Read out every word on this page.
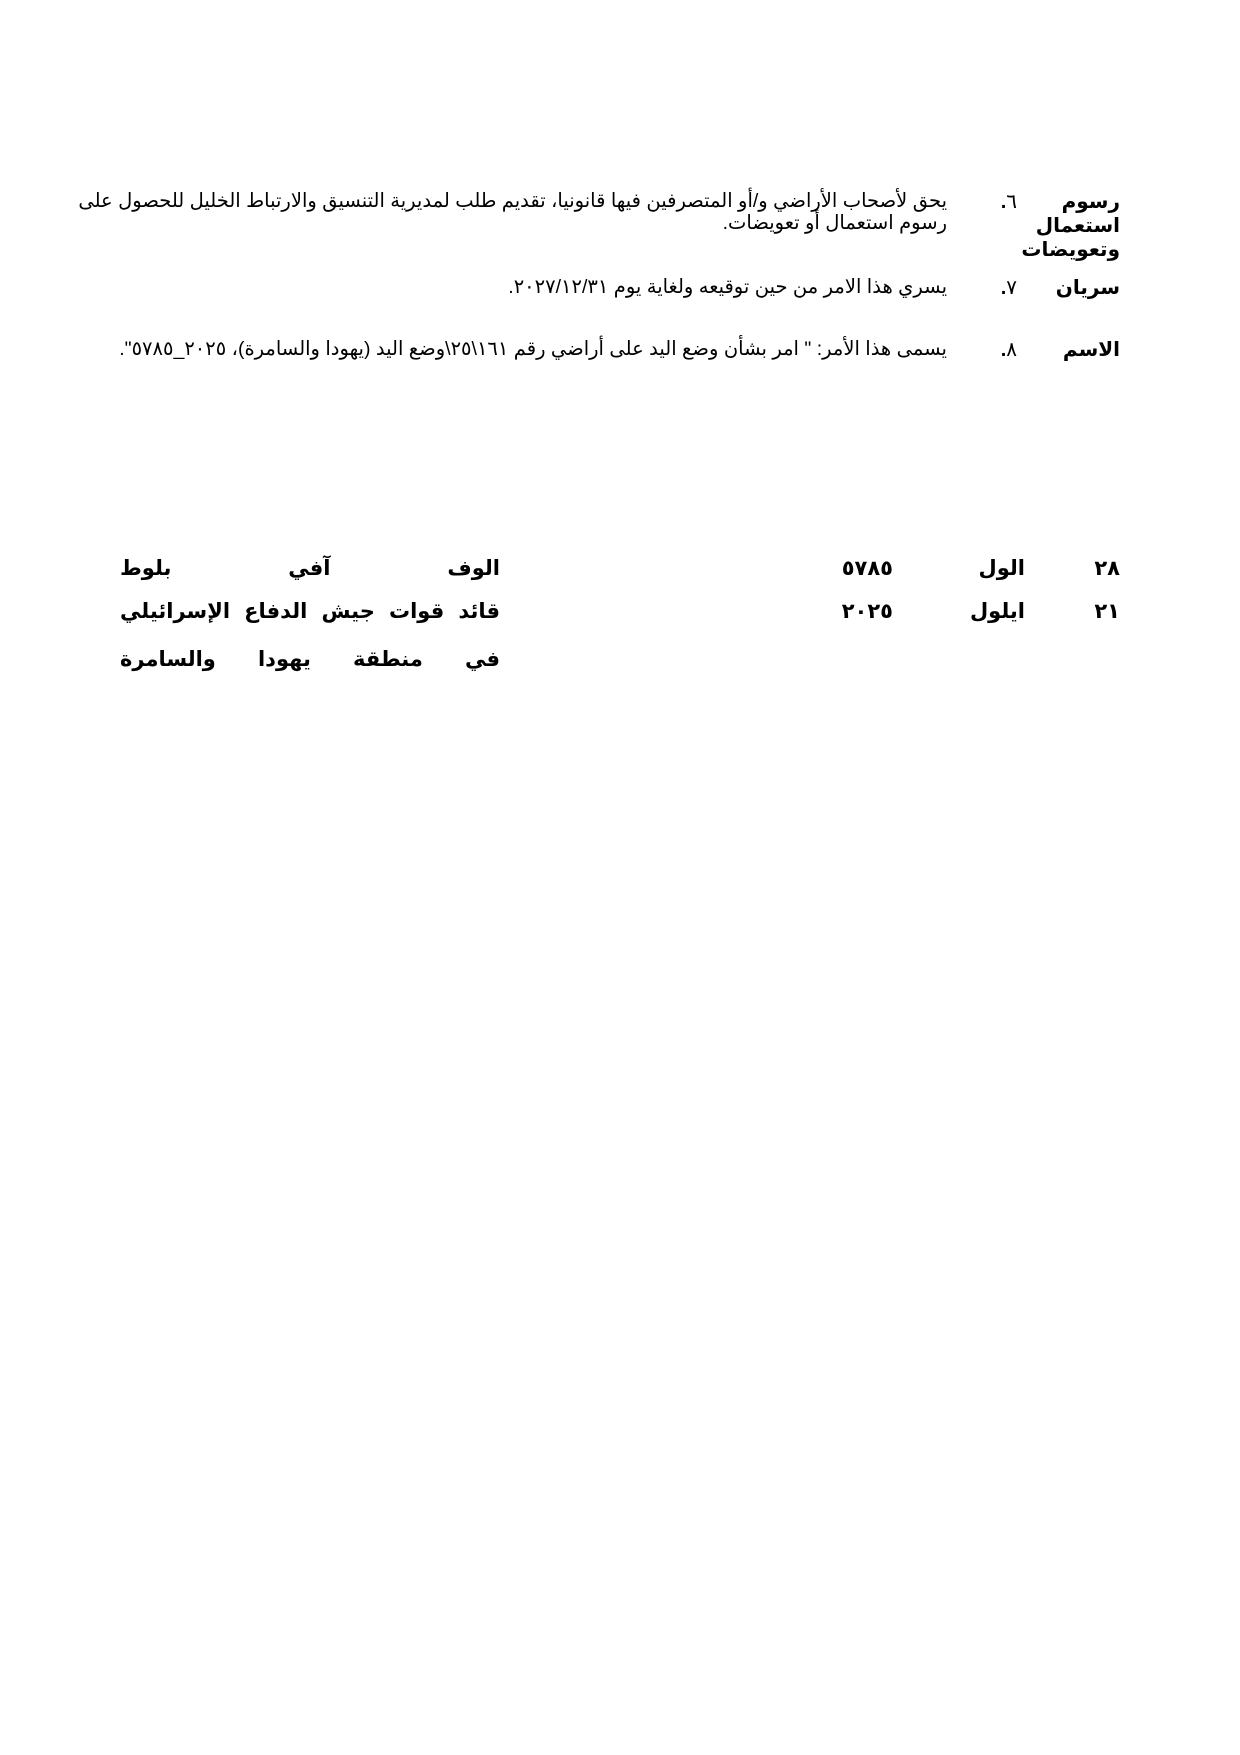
رسوم استعمال
وتعويضات
٦.
يحق لأصحاب الأراضي و/أو المتصرفين فيها قانونيا، تقديم طلب لمديرية التنسيق والارتباط الخليل للحصول على رسوم استعمال أو تعويضات.
سريان
٧.
يسري هذا الامر من حين توقيعه ولغاية يوم ٢٠٢٧/١٢/٣١.
الاسم
٨.
يسمى هذا الأمر: " امر بشأن وضع اليد على أراضي رقم ١٦١\٢٥\وضع اليد (يهودا والسامرة)، ٢٠٢٥_٥٧٨٥".
٢٨
الول
٥٧٨٥
الوف آفي بلوط
٢١
ايلول
٢٠٢٥
قائد قوات جيش الدفاع الإسرائيلي
في منطقة يهودا والسامرة
